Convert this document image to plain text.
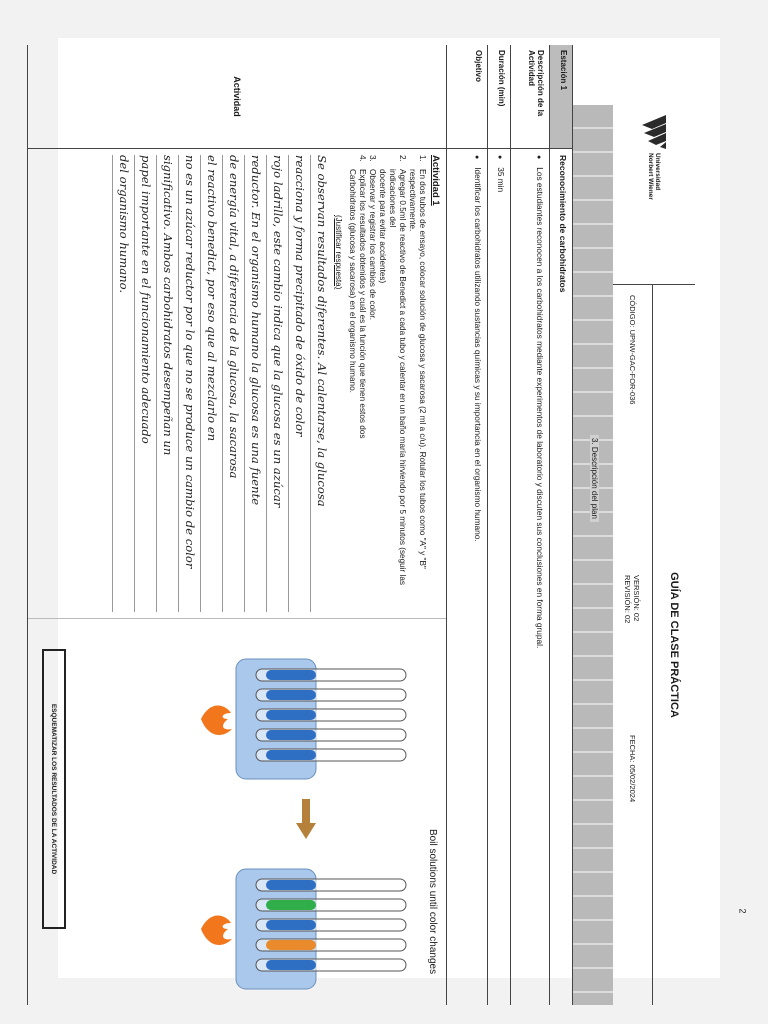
2
Universidad
Norbert Wiener
GUÍA DE CLASE PRÁCTICA
CÓDIGO: UPNW-GAC-FOR-036
VERSIÓN: 02
REVISIÓN: 02
FECHA: 05/02/2024
3. Descripción del plan
Estación 1
Reconocimiento de carbohidratos
Descripción de la Actividad
● Los estudiantes reconocen a los carbohidratos mediante experimentos de laboratorio y discuten sus conclusiones en forma grupal.
Duración (min)
● 35 min
Objetivo
● Identificar los carbohidratos utilizando sustancias químicas y su importancia en el organismo humano.
Actividad
Actividad 1
1.
En dos tubos de ensayo, colocar solución de glucosa y sacarosa (2 ml a c/u). Rotular los tubos como "A" y "B" respectivamente.
2.
Agregar 0.5ml de reactivo de Benedict a cada tubo y calentar en un baño maría hirviendo por 5 minutos (seguir las indicaciones del
docente para evitar accidentes)
3.
Observar y registrar los cambios de color.
4.
Explicar los resultados obtenidos y cuál es la función que tienen estos dos
Carbohidratos (glucosa y sacarosa) en el organismo humano.
(Justificar respuesta)
Se observan resultados diferentes. Al calentarse, la glucosa
reacciona y forma precipitado de óxido de color
rojo ladrillo, este cambio indica que la glucosa es un azúcar
reductor. En el organismo humano la glucosa es una fuente
de energía vital, a diferencia de la glucosa, la sacarosa
el reactivo benedict, por eso que al mezclarlo en
no es un azúcar reductor por lo que no se produce un cambio de color
significativo. Ambos carbohidratos desempeñan un
papel importante en el funcionamiento adecuado
del organismo humano.
Boil solutions until color changes
ESQUEMATIZAR LOS RESULTADOS DE LA ACTIVIDAD
